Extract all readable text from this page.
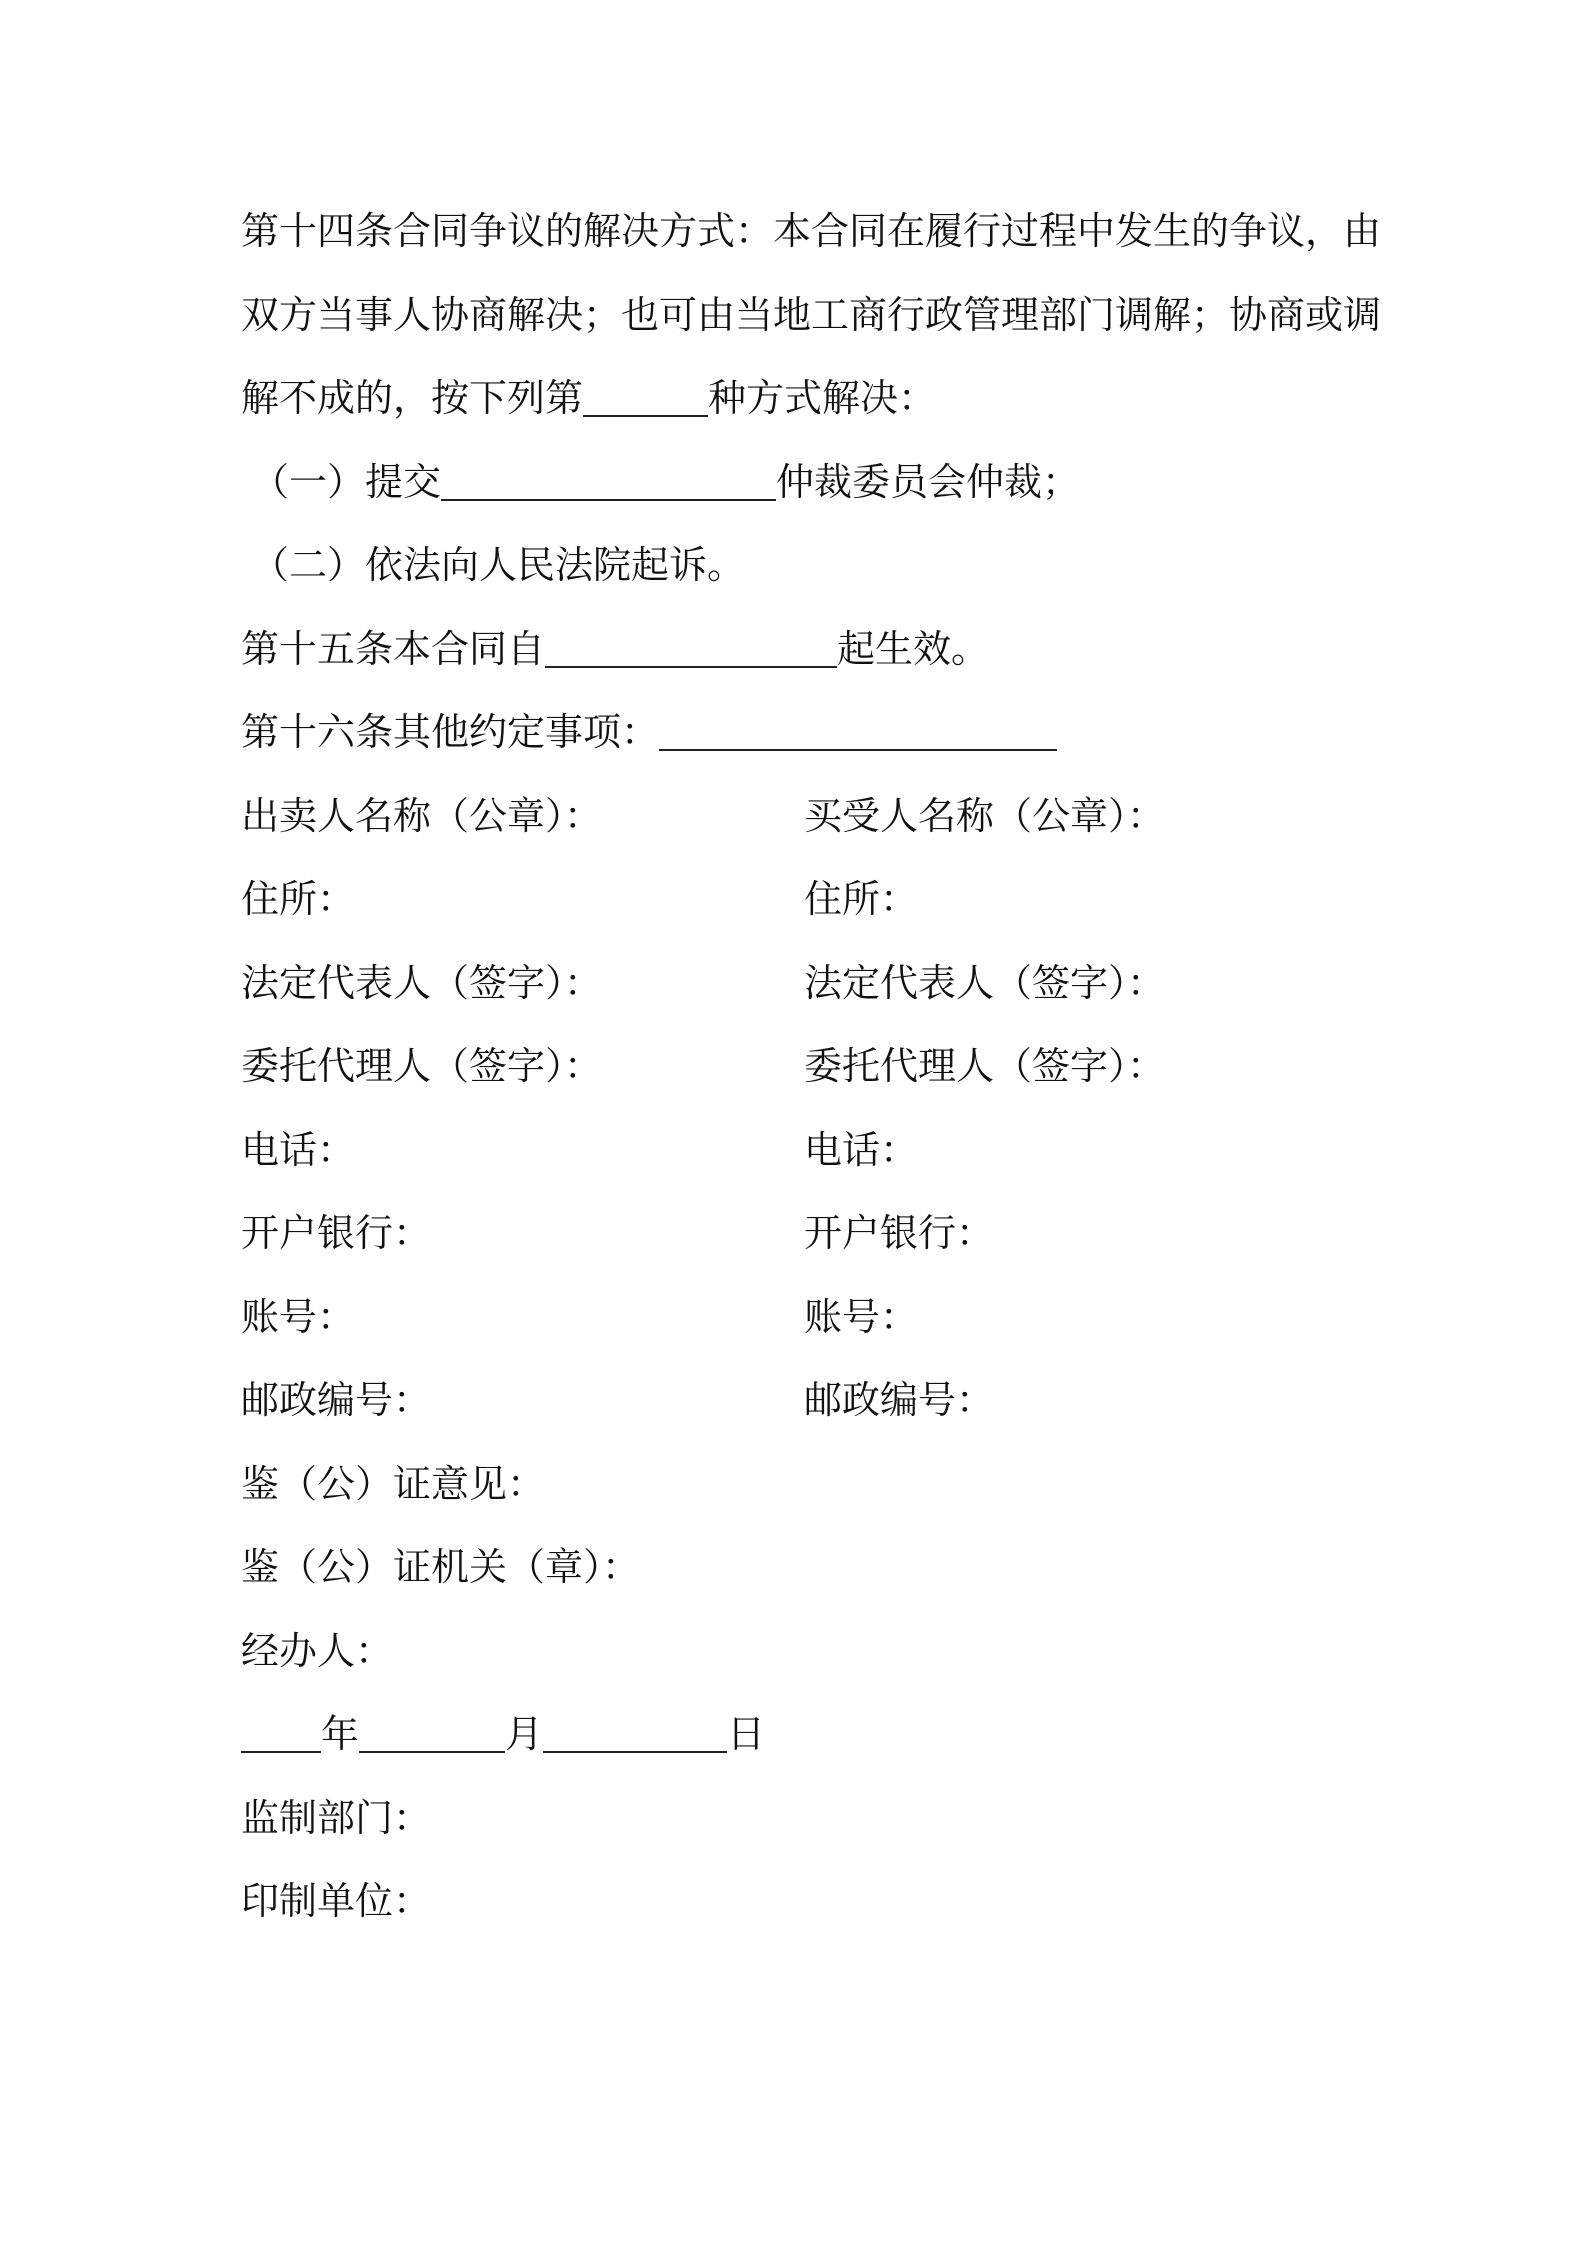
第十四条合同争议的解决方式：本合同在履行过程中发生的争议，由
双方当事人协商解决；也可由当地工商行政管理部门调解；协商或调
解不成的，按下列第	种方式解决：
（一）提交	仲裁委员会仲裁；
（二）依法向人民法院起诉。
第十五条本合同自	起生效。
第十六条其他约定事项：
出卖人名称（公章）：	买受人名称（公章）：
住所：	住所：
法定代表人（签字）：	法定代表人（签字）：
委托代理人（签字）：	委托代理人（签字）：
电话：	电话：
开户银行：	开户银行：
账号：	账号：
邮政编号：	邮政编号：
鉴（公）证意见：
鉴（公）证机关（章）：
经办人：
年	月	日
监制部门：
印制单位：
